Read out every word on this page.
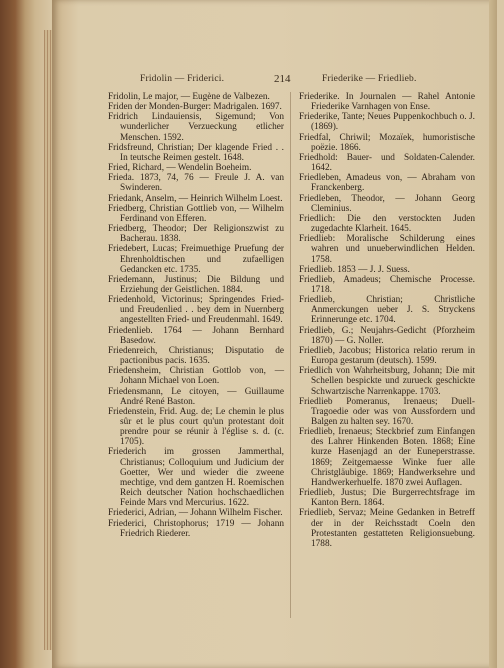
Fridolin — Friderici.	214	Friederike — Friedlieb.

Fridolin, Le major, — Eugène de Valbezen.

Friden der Monden-Burger: Madrigalen. 1697.

Fridrich Lindauiensis, Sigemund; Von wunderlicher Verzueckung etlicher Menschen. 1592.

Fridsfreund, Christian; Der klagende Fried . . In teutsche Reimen gestelt. 1648.

Fried, Richard, — Wendelin Boeheim.

Frieda. 1873, 74, 76 — Freule J. A. van Swinderen.

Friedank, Anselm, — Heinrich Wilhelm Loest.

Friedberg, Christian Gottlieb von, — Wilhelm Ferdinand von Efferen.

Friedberg, Theodor; Der Religionszwist zu Bacherau. 1838.

Friedebert, Lucas; Freimuethige Pruefung der Ehrenholdtischen und zufaelligen Gedancken etc. 1735.

Friedemann, Justinus; Die Bildung und Erziehung der Geistlichen. 1884.

Friedenhold, Victorinus; Springendes Fried- und Freudenlied . . bey dem in Nuernberg angestellten Fried- und Freudenmahl. 1649.

Friedenlieb. 1764 — Johann Bernhard Basedow.

Friedenreich, Christianus; Disputatio de pactionibus pacis. 1635.

Friedensheim, Christian Gottlob von, — Johann Michael von Loen.

Friedensmann, Le citoyen, — Guillaume André René Baston.

Friedenstein, Frid. Aug. de; Le chemin le plus sûr et le plus court qu'un protestant doit prendre pour se réunir à l'église s. d. (c. 1705).

Friederich im grossen Jammerthal, Christianus; Colloquium und Judicium der Goetter, Wer und wieder die zweene mechtige, vnd dem gantzen H. Roemischen Reich deutscher Nation hochschaedlichen Feinde Mars vnd Mercurius. 1622.

Friederici, Adrian, — Johann Wilhelm Fischer.

Friederici, Christophorus; 1719 — Johann Friedrich Riederer.

Friederike. In Journalen — Rahel Antonie Friederike Varnhagen von Ense.

Friederike, Tante; Neues Puppenkochbuch o. J. (1869).

Friedfal, Chriwil; Mozaïek, humoristische poëzie. 1866.

Friedhold: Bauer- und Soldaten-Calender. 1642.

Friedleben, Amadeus von, — Abraham von Franckenberg.

Friedleben, Theodor, — Johann Georg Cleminius.

Friedlich: Die den verstockten Juden zugedachte Klarheit. 1645.

Friedlieb: Moralische Schilderung eines wahren und unueberwindlichen Helden. 1758.

Friedlieb. 1853 — J. J. Suess.

Friedlieb, Amadeus; Chemische Processe. 1718.

Friedlieb, Christian; Christliche Anmerckungen ueber J. S. Stryckens Erinnerunge etc. 1704.

Friedlieb, G.; Neujahrs-Gedicht (Pforzheim 1870) — G. Noller.

Friedlieb, Jacobus; Historica relatio rerum in Europa gestarum (deutsch). 1599.

Friedlich von Wahrheitsburg, Johann; Die mit Schellen bespickte und zurueck geschickte Schwartzische Narrenkappe. 1703.

Friedlieb Pomeranus, Irenaeus; Duell-Tragoedie oder was von Aussfordern und Balgen zu halten sey. 1670.

Friedlieb, Irenaeus; Steckbrief zum Einfangen des Lahrer Hinkenden Boten. 1868; Eine kurze Hasenjagd an der Euneperstrasse. 1869; Zeitgemaesse Winke fuer alle Christgläubige. 1869; Handwerksehre und Handwerkerhuelfe. 1870 zwei Auflagen.

Friedlieb, Justus; Die Burgerrechtsfrage im Kanton Bern. 1864.

Friedlieb, Servaz; Meine Gedanken in Betreff der in der Reichsstadt Coeln den Protestanten gestatteten Religionsuebung. 1788.
